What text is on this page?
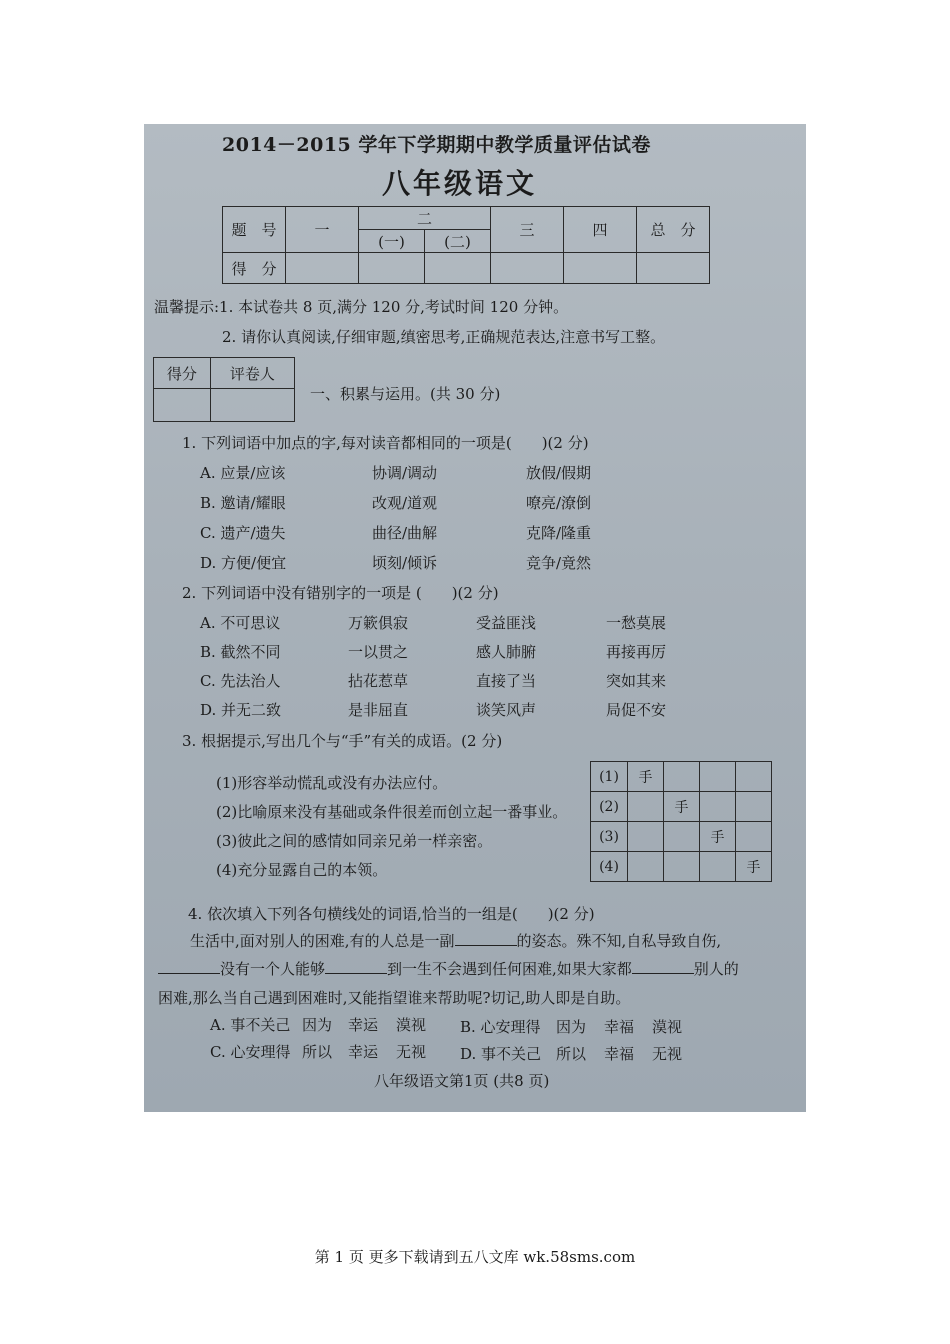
2014－2015 学年下学期期中教学质量评估试卷
八年级语文
题　号	一	二		三	四	总　分
		(一)	(二)			
得　分						
温馨提示:1. 本试卷共 8 页,满分 120 分,考试时间 120 分钟。
2. 请你认真阅读,仔细审题,缜密思考,正确规范表达,注意书写工整。
得分	评卷人

一、积累与运用。(共 30 分)
1. 下列词语中加点的字,每对读音都相同的一项是(　　)(2 分)
A. 应景/应该	协调/调动	放假/假期
B. 邀请/耀眼	改观/道观	嘹亮/潦倒
C. 遗产/遗失	曲径/曲解	克降/隆重
D. 方便/便宜	顷刻/倾诉	竞争/竟然
2. 下列词语中没有错别字的一项是 (　　)(2 分)
A. 不可思议	万簌俱寂	受益匪浅	一愁莫展
B. 截然不同	一以贯之	感人肺腑	再接再厉
C. 先法治人	拈花惹草	直接了当	突如其来
D. 并无二致	是非屈直	谈笑风声	局促不安
3. 根据提示,写出几个与“手”有关的成语。(2 分)
(1)形容举动慌乱或没有办法应付。
(2)比喻原来没有基础或条件很差而创立起一番事业。
(3)彼此之间的感情如同亲兄弟一样亲密。
(4)充分显露自己的本领。
(1)	手			
(2)		手		
(3)			手	
(4)				手
4. 依次填入下列各句横线处的词语,恰当的一组是(　　)(2 分)
生活中,面对别人的困难,有的人总是一副	的姿态。殊不知,自私导致自伤,
没有一个人能够	到一生不会遇到任何困难,如果大家都	别人的
困难,那么当自己遇到困难时,又能指望谁来帮助呢?切记,助人即是自助。
A. 事不关己 因为 幸运 漠视 B. 心安理得 因为 幸福 漠视
C. 心安理得 所以 幸运 无视 D. 事不关己 所以 幸福 无视
八年级语文第1页 (共8 页)
第 1 页 更多下载请到五八文库 wk.58sms.com
